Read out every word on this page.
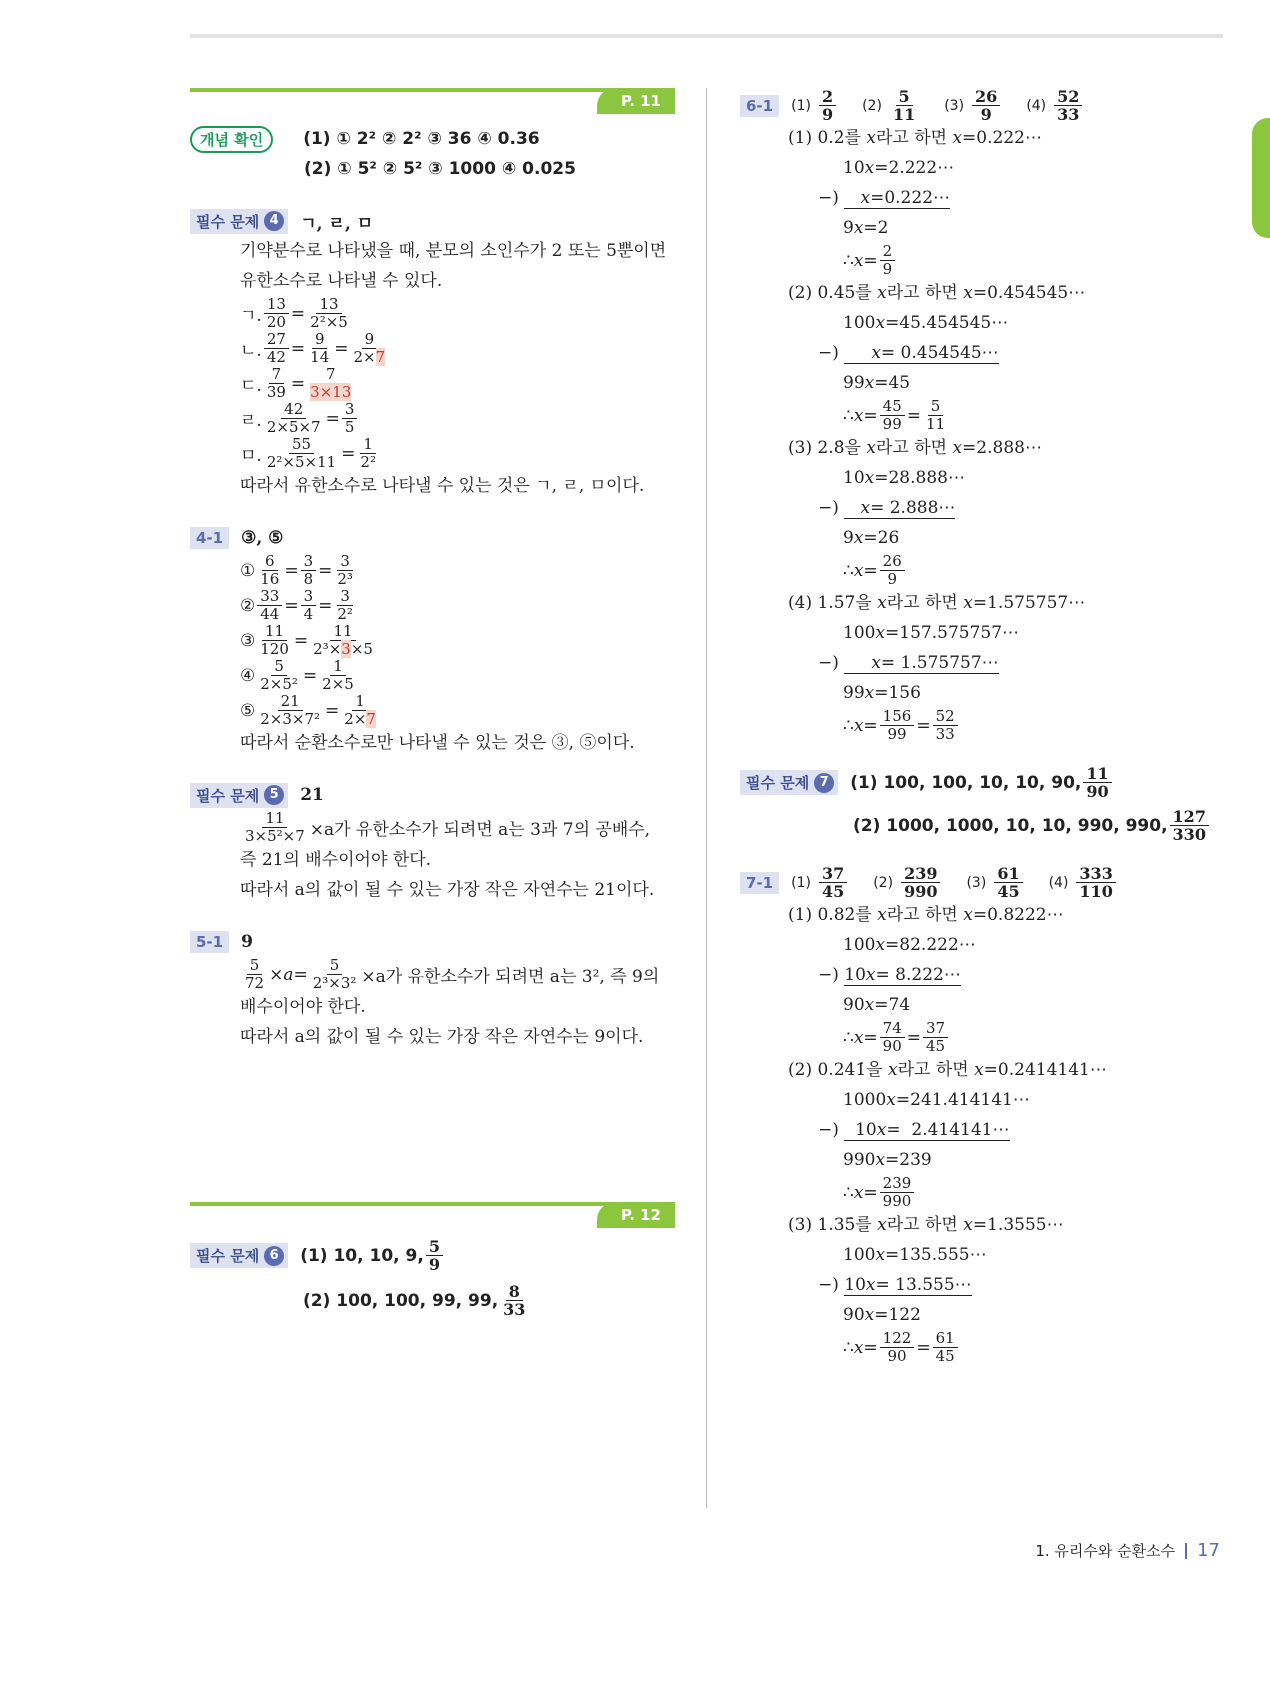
P. 11
개념 확인	(1) ① 2² ② 2² ③ 36 ④ 0.36
(2) ① 5² ② 5² ③ 1000 ④ 0.025
필수 문제 4	ㄱ, ㄹ, ㅁ
기약분수로 나타냈을 때, 분모의 소인수가 2 또는 5뿐이면
유한소수로 나타낼 수 있다.
ㄱ. $\frac{13}{20} = \frac{13}{\text{2²×5}}$
ㄴ. $\frac{27}{42} = \frac{9}{14} = \frac{9}{2\times 7}$
ㄷ. $\frac{7}{39} = \frac{7}{3\times 13}$
ㄹ. $\frac{42}{2\times 5\times 7} = \frac{3}{5}$
ㅁ. $\frac{55}{\text{2²×5×11}} = \frac{1}{\text{2²}}$
따라서 유한소수로 나타낼 수 있는 것은 ㄱ, ㄹ, ㅁ이다.
4-1	③, ⑤
① $\frac{6}{16} = \frac{3}{8} = \frac{3}{\text{2³}}$
② $\frac{33}{44} = \frac{3}{4} = \frac{3}{\text{2²}}$
③ $\frac{11}{120} = \frac{11}{\text{2³×3×5}}$
④ $\frac{5}{\text{2×5²}} = \frac{1}{2\times 5}$
⑤ $\frac{21}{\text{2×3×7²}} = \frac{1}{2\times 7}$
따라서 순환소수로만 나타낼 수 있는 것은 ③, ⑤이다.
필수 문제 5	21
$\frac{11}{\text{3×5²×7}} \times a$가 유한소수가 되려면 a는 3과 7의 공배수,
즉 21의 배수이어야 한다.
따라서 a의 값이 될 수 있는 가장 작은 자연수는 21이다.
5-1	9
$\frac{5}{72} \times a = \frac{5}{\text{2³×3²}} \times a$가 유한소수가 되려면 a는 3², 즉 9의
배수이어야 한다.
따라서 a의 값이 될 수 있는 가장 작은 자연수는 9이다.
P. 12
필수 문제 6	(1) 10, 10, 9, $\frac{5}{9}$
(2) 100, 100, 99, 99, $\frac{8}{33}$
6-1	$(1) \frac{2}{9} (2) \frac{5}{11} (3) \frac{26}{9} (4) \frac{52}{33}$
(1) 0.2̇를 x라고 하면 x=0.222⋯
10x=2.222⋯
−)    x=0.222⋯
9x=2
∴ $x = \frac{2}{9}$
(2) 0.4̇5̇를 x라고 하면 x=0.454545⋯
100x=45.454545⋯
−)      x= 0.454545⋯
99x=45
∴ $x = \frac{45}{99} = \frac{5}{11}$
(3) 2.8̇을 x라고 하면 x=2.888⋯
10x=28.888⋯
−)    x= 2.888⋯
9x=26
∴ $x = \frac{26}{9}$
(4) 1.5̇7̇을 x라고 하면 x=1.575757⋯
100x=157.575757⋯
−)      x= 1.575757⋯
99x=156
∴ $x = \frac{156}{99} = \frac{52}{33}$
필수 문제 7	(1) 100, 100, 10, 10, 90, $\frac{11}{90}$
(2) 1000, 1000, 10, 10, 990, 990, $\frac{127}{330}$
7-1	$(1) \frac{37}{45} (2) \frac{239}{990} (3) \frac{61}{45} (4) \frac{333}{110}$
(1) 0.82̇를 x라고 하면 x=0.8222⋯
100x=82.222⋯
−) 10x= 8.222⋯
90x=74
∴ $x = \frac{74}{90} = \frac{37}{45}$
(2) 0.24̇1̇을 x라고 하면 x=0.2414141⋯
1000x=241.414141⋯
−)   10x=  2.414141⋯
990x=239
∴ $x = \frac{239}{990}$
(3) 1.35̇를 x라고 하면 x=1.3555⋯
100x=135.555⋯
−) 10x= 13.555⋯
90x=122
∴ $x = \frac{122}{90} = \frac{61}{45}$
1. 유리수와 순환소수 17
